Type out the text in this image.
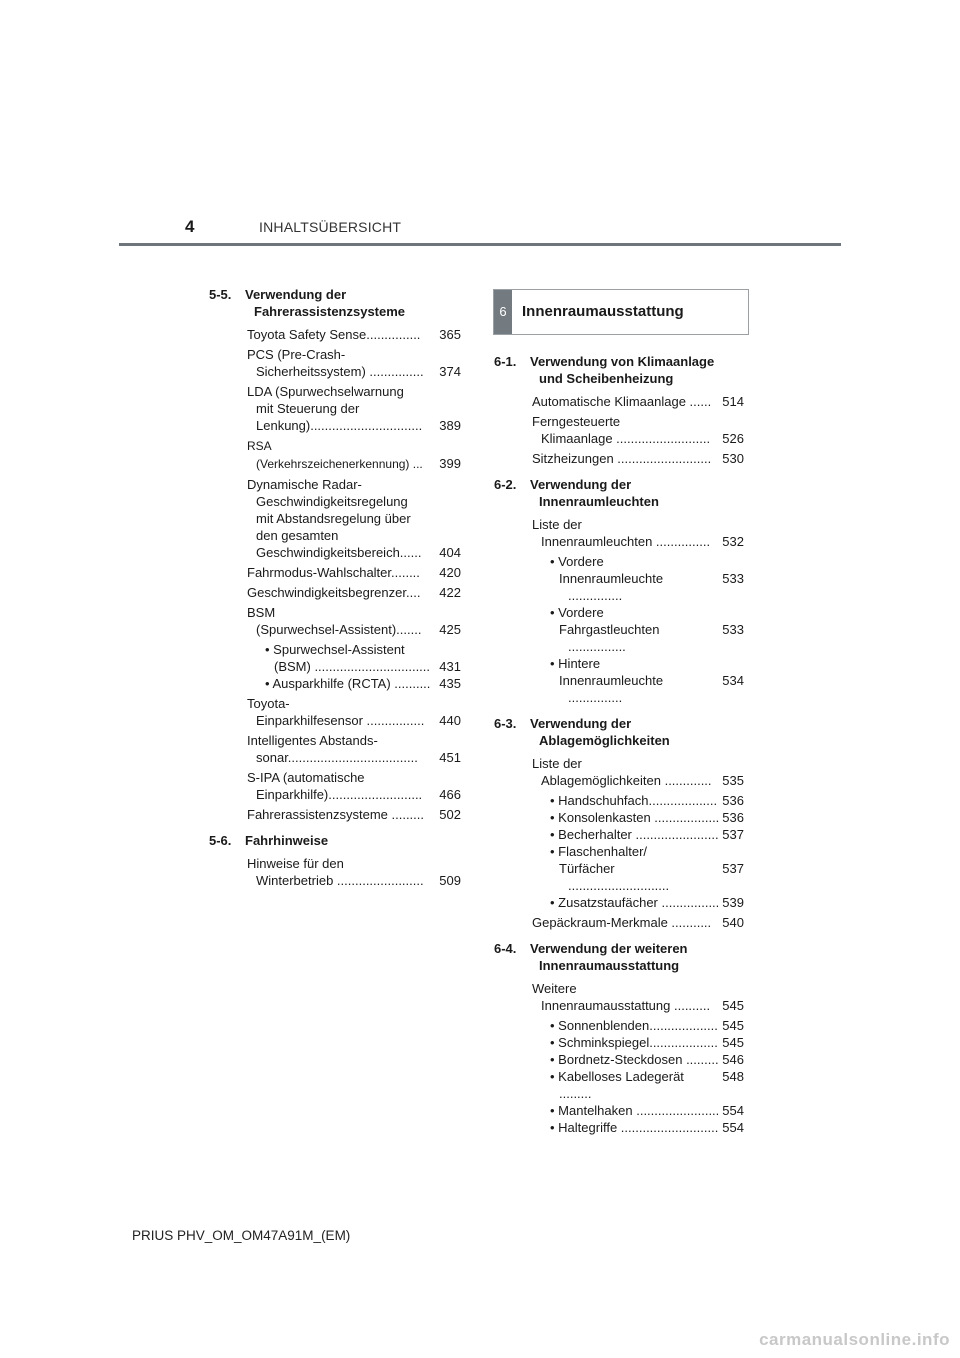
4	INHALTSÜBERSICHT
5-5. Verwendung der
Fahrerassistenzsysteme
365
Toyota Safety Sense...............
PCS (Pre-Crash-
374
Sicherheitssystem) ...............
LDA (Spurwechselwarnung
mit Steuerung der
389
Lenkung)...............................
RSA
399
(Verkehrszeichenerkennung) ...
Dynamische Radar-
Geschwindigkeitsregelung
mit Abstandsregelung über
den gesamten
404
Geschwindigkeitsbereich......
420
Fahrmodus-Wahlschalter........
422
Geschwindigkeitsbegrenzer....
BSM
425
(Spurwechsel-Assistent).......
• Spurwechsel-Assistent
431
(BSM) ................................
435
• Ausparkhilfe (RCTA) ..........
Toyota-
440
Einparkhilfesensor ................
Intelligentes Abstands-
451
sonar....................................
S-IPA (automatische
466
Einparkhilfe)..........................
502
Fahrerassistenzsysteme .........
5-6. Fahrhinweise
Hinweise für den
509
Winterbetrieb ........................
6	Innenraumausstattung
6-1. Verwendung von Klimaanlage
und Scheibenheizung
514
Automatische Klimaanlage ......
Ferngesteuerte
526
Klimaanlage ..........................
530
Sitzheizungen ..........................
6-2. Verwendung der
Innenraumleuchten
Liste der
532
Innenraumleuchten ...............
• Vordere
533
Innenraumleuchte ...............
• Vordere
533
Fahrgastleuchten ................
• Hintere
534
Innenraumleuchte ...............
6-3. Verwendung der
Ablagemöglichkeiten
Liste der
535
Ablagemöglichkeiten .............
536
• Handschuhfach...................
536
• Konsolenkasten ..................
537
• Becherhalter .......................
• Flaschenhalter/
537
Türfächer ............................
539
• Zusatzstaufächer ................
540
Gepäckraum-Merkmale ...........
6-4. Verwendung der weiteren
Innenraumausstattung
Weitere
545
Innenraumausstattung ..........
545
• Sonnenblenden...................
545
• Schminkspiegel...................
546
• Bordnetz-Steckdosen .........
548
• Kabelloses Ladegerät .........
554
• Mantelhaken .......................
554
• Haltegriffe ...........................
PRIUS PHV_OM_OM47A91M_(EM)
carmanualsonline.info
